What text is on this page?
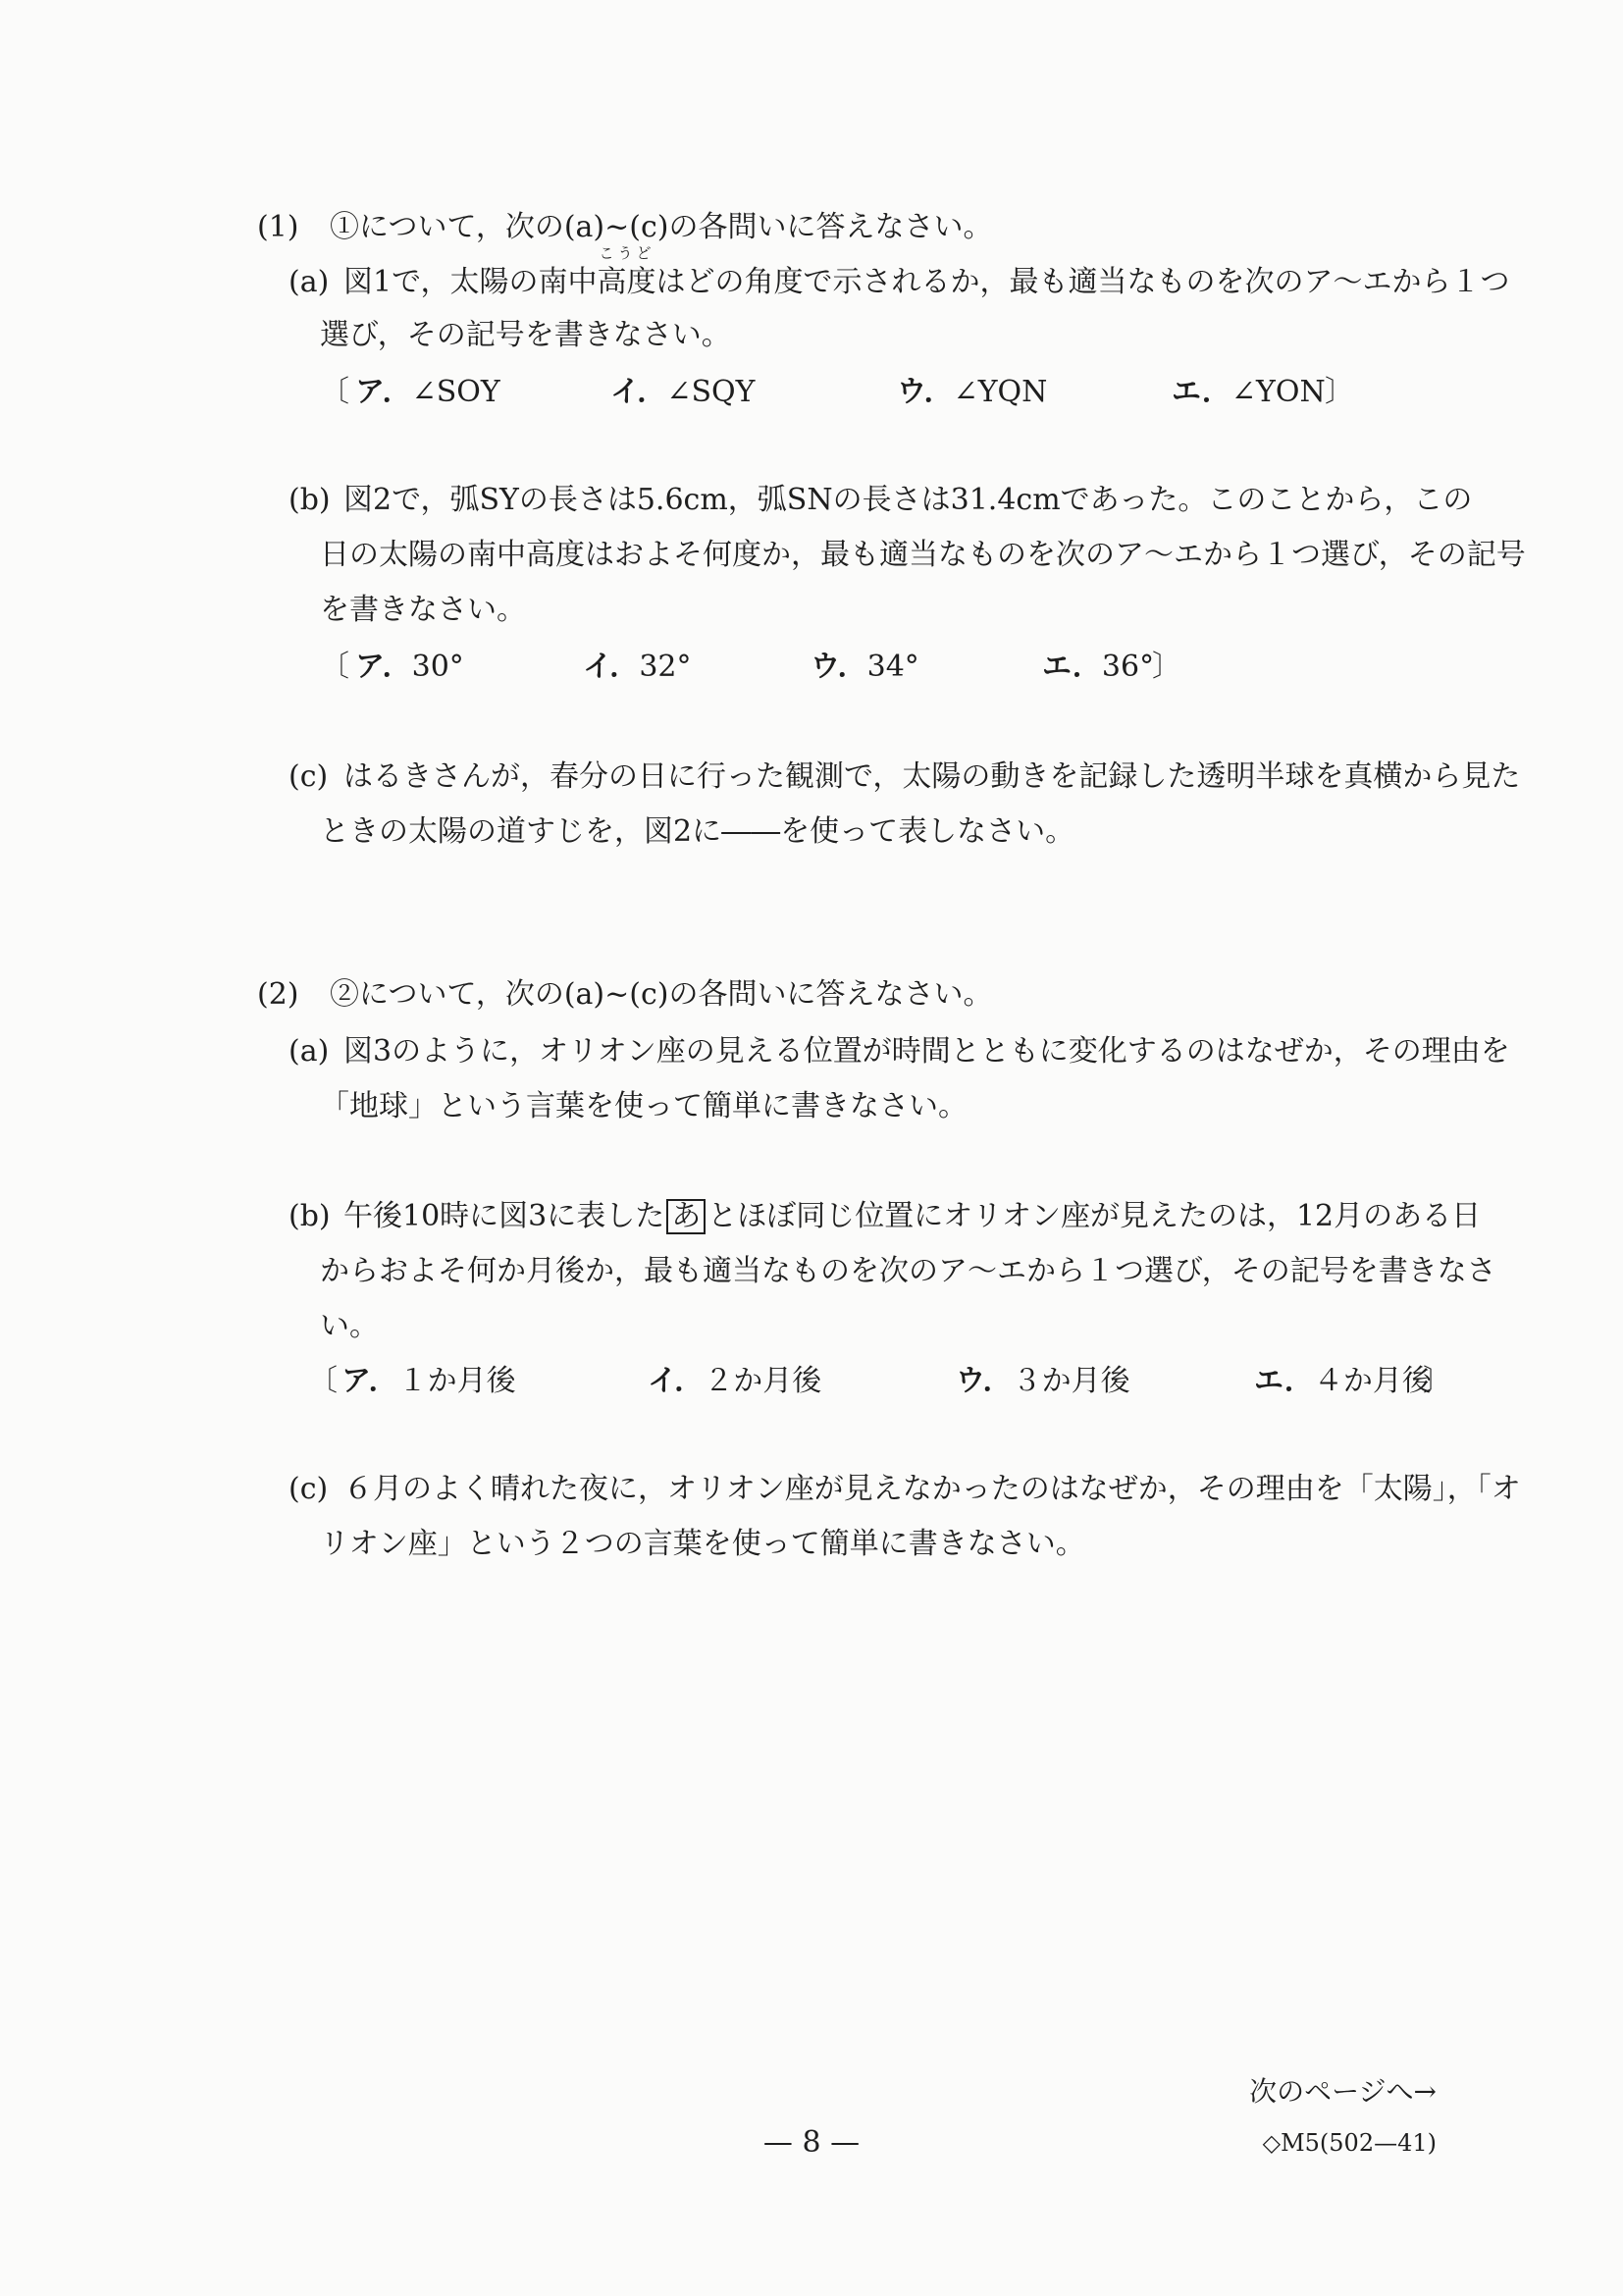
(1) ①について，次の(a)~(c)の各問いに答えなさい。
(a) 図1で，太陽の南中
こうど
高度はどの角度で示されるか，最も適当なものを次のア～エから１つ
選び，その記号を書きなさい。
〔 ア．∠SOY	イ．∠SQY	ウ．∠YQN	エ．∠YON 〕
(b) 図2で，弧SYの長さは5.6cm，弧SNの長さは31.4cmであった。このことから，この
日の太陽の南中高度はおよそ何度か，最も適当なものを次のア～エから１つ選び，その記号
を書きなさい。
〔 ア．30°	イ．32°	ウ．34°	エ．36°
〕
(c) はるきさんが，春分の日に行った観測で，太陽の動きを記録した透明半球を真横から見た
ときの太陽の道すじを，図2に――を使って表しなさい。
(2) ②について，次の(a)~(c)の各問いに答えなさい。
(a) 図3のように，オリオン座の見える位置が時間とともに変化するのはなぜか，その理由を
「地球」という言葉を使って簡単に書きなさい。
(b) 午後10時に図3に表した あ とほぼ同じ位置にオリオン座が見えたのは，12月のある日
からおよそ何か月後か，最も適当なものを次のア～エから１つ選び，その記号を書きなさ
い。
〔 ア．１か月後	イ．２か月後	ウ．３か月後	エ．４か月後
〕
(c) ６月のよく晴れた夜に，オリオン座が見えなかったのはなぜか，その理由を「太陽」，「オ
リオン座」という２つの言葉を使って簡単に書きなさい。
次のページへ→
— 8 —	◇M5(502—41)
